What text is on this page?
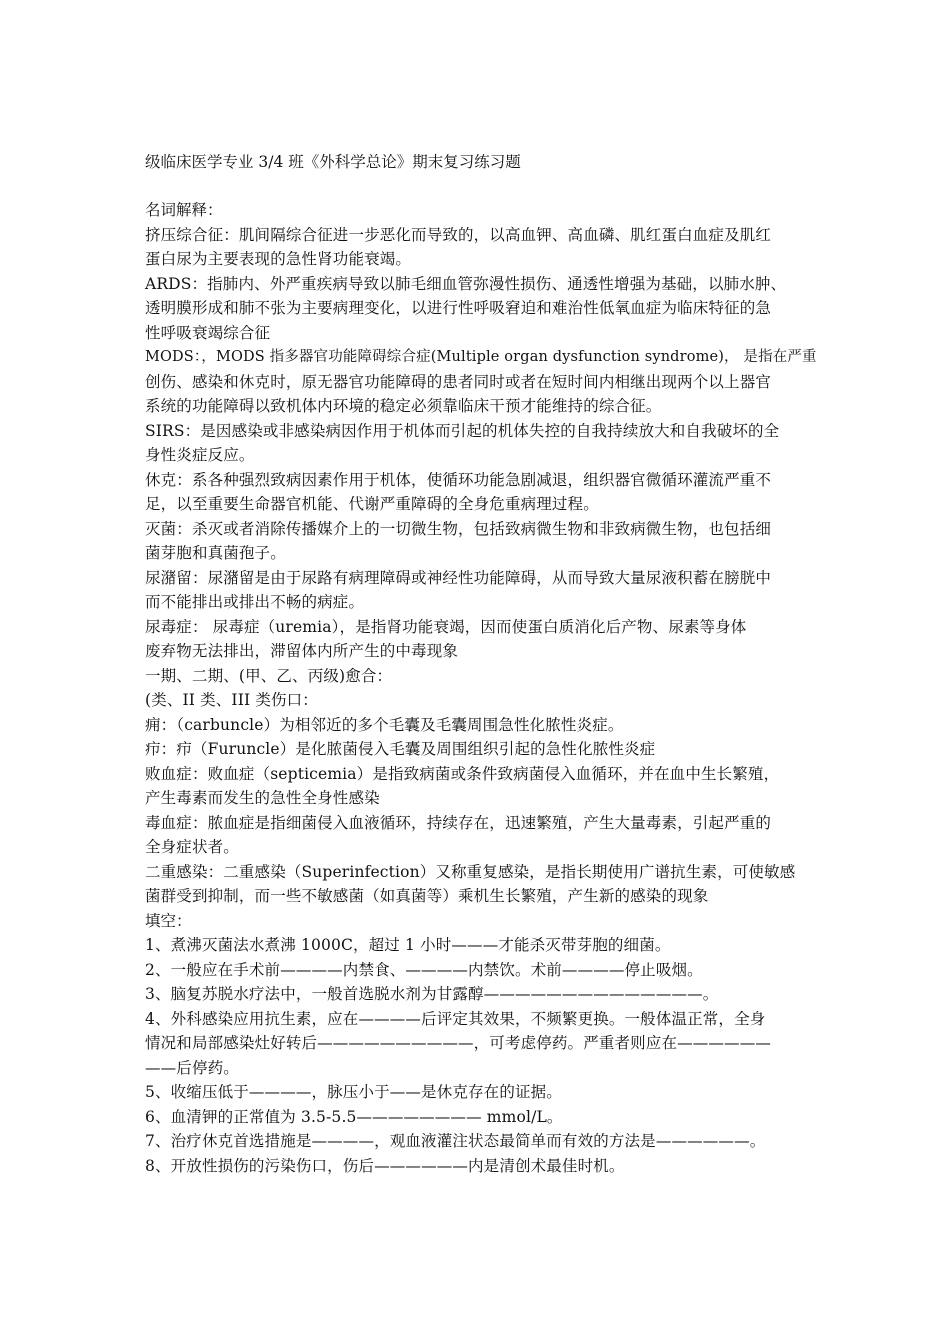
级临床医学专业 3/4 班《外科学总论》期末复习练习题
名词解释：
挤压综合征：肌间隔综合征进一步恶化而导致的，以高血钾、高血磷、肌红蛋白血症及肌红
蛋白尿为主要表现的急性肾功能衰竭。
ARDS：指肺内、外严重疾病导致以肺毛细血管弥漫性损伤、通透性增强为基础，以肺水肿、
透明膜形成和肺不张为主要病理变化，以进行性呼吸窘迫和难治性低氧血症为临床特征的急
性呼吸衰竭综合征
MODS：，MODS 指多器官功能障碍综合症(Multiple organ dysfunction syndrome)， 是指在严重
创伤、感染和休克时，原无器官功能障碍的患者同时或者在短时间内相继出现两个以上器官
系统的功能障碍以致机体内环境的稳定必须靠临床干预才能维持的综合征。
SIRS：是因感染或非感染病因作用于机体而引起的机体失控的自我持续放大和自我破坏的全
身性炎症反应。
休克：系各种强烈致病因素作用于机体，使循环功能急剧减退，组织器官微循环灌流严重不
足，以至重要生命器官机能、代谢严重障碍的全身危重病理过程。
灭菌：杀灭或者消除传播媒介上的一切微生物，包括致病微生物和非致病微生物，也包括细
菌芽胞和真菌孢子。
尿潴留：尿潴留是由于尿路有病理障碍或神经性功能障碍，从而导致大量尿液积蓄在膀胱中
而不能排出或排出不畅的病症。
尿毒症： 尿毒症（uremia），是指肾功能衰竭，因而使蛋白质消化后产物、尿素等身体
废弃物无法排出，滞留体内所产生的中毒现象
一期、二期、(甲、乙、丙级)愈合：
(类、II 类、III 类伤口：
痈：（carbuncle）为相邻近的多个毛囊及毛囊周围急性化脓性炎症。
疖：疖（Furuncle）是化脓菌侵入毛囊及周围组织引起的急性化脓性炎症
败血症：败血症（septicemia）是指致病菌或条件致病菌侵入血循环，并在血中生长繁殖，
产生毒素而发生的急性全身性感染
毒血症：脓血症是指细菌侵入血液循环，持续存在，迅速繁殖，产生大量毒素，引起严重的
全身症状者。
二重感染：二重感染（Superinfection）又称重复感染，是指长期使用广谱抗生素，可使敏感
菌群受到抑制，而一些不敏感菌（如真菌等）乘机生长繁殖，产生新的感染的现象
填空：
1、煮沸灭菌法水煮沸 1000C，超过 1 小时———才能杀灭带芽胞的细菌。
2、一般应在手术前————内禁食、————内禁饮。术前————停止吸烟。
3、脑复苏脱水疗法中，一般首选脱水剂为甘露醇——————————————。
4、外科感染应用抗生素，应在————后评定其效果，不频繁更换。一般体温正常，全身
情况和局部感染灶好转后——————————，可考虑停药。严重者则应在——————
——后停药。
5、收缩压低于————，脉压小于——是休克存在的证据。
6、血清钾的正常值为 3.5-5.5———————— mmol/L。
7、治疗休克首选措施是————，观血液灌注状态最简单而有效的方法是——————。
8、开放性损伤的污染伤口，伤后——————内是清创术最佳时机。
